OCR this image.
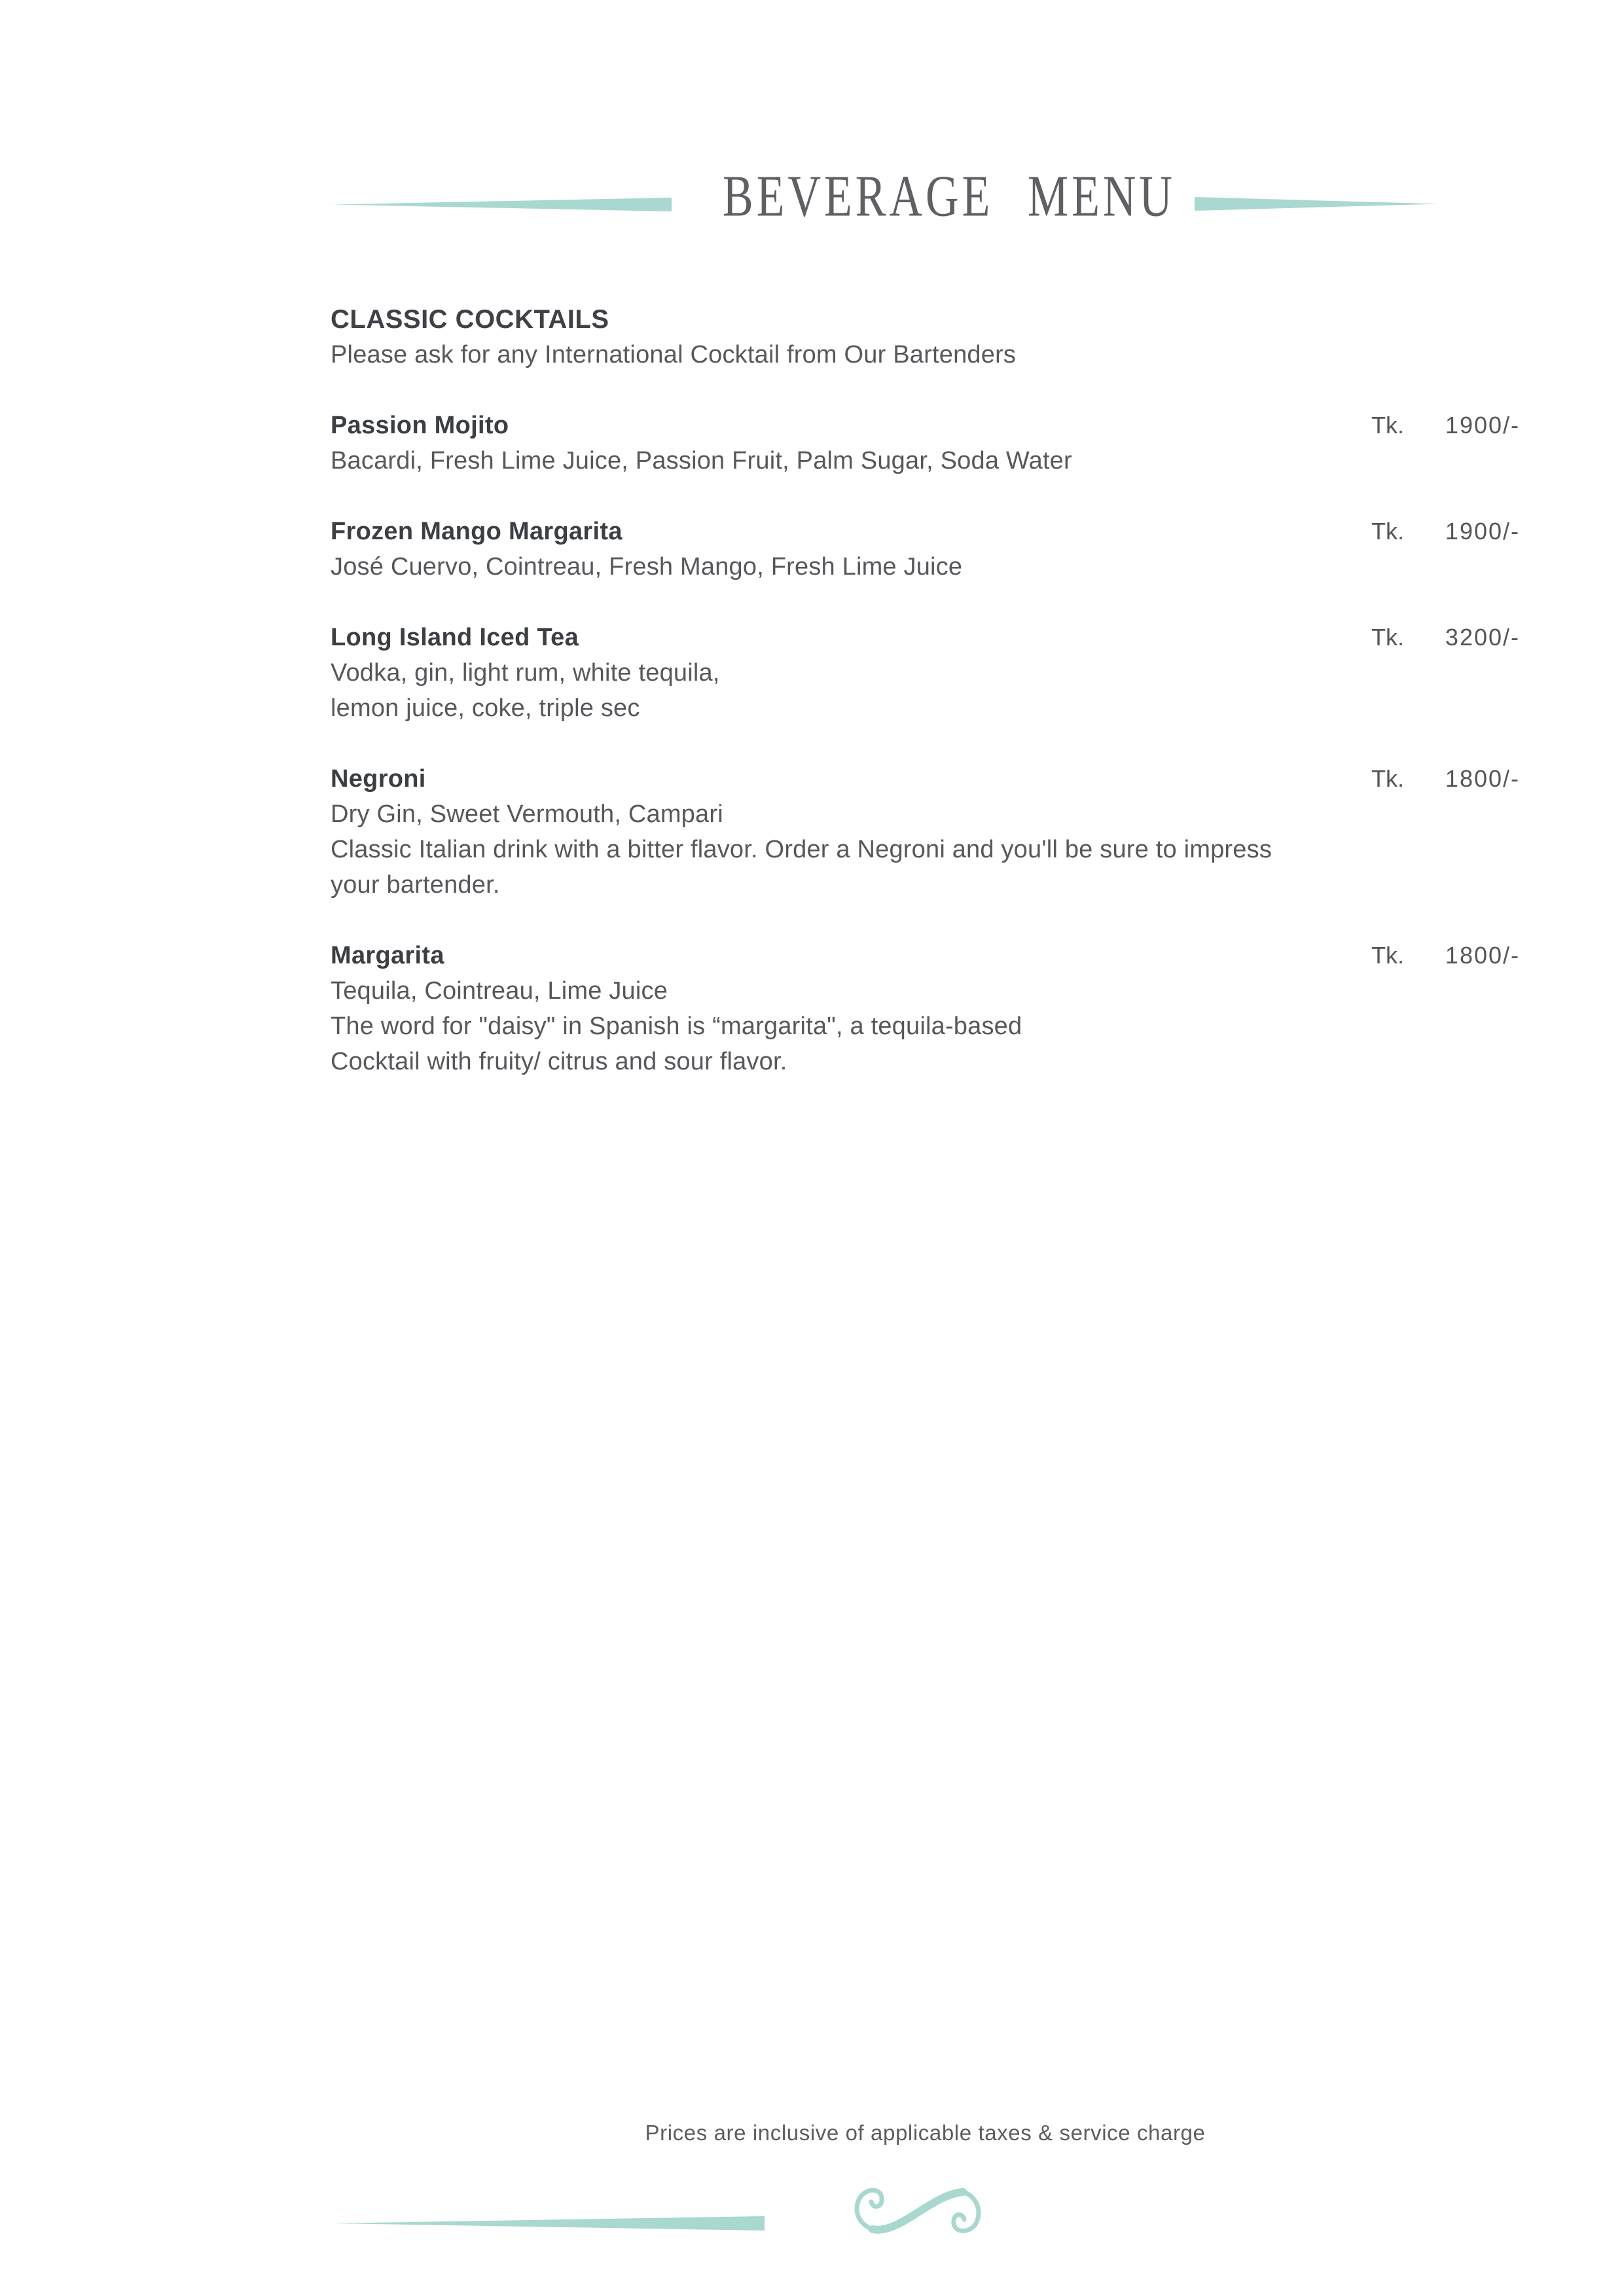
BEVERAGE MENU
CLASSIC COCKTAILS
Please ask for any International Cocktail from Our Bartenders
Passion Mojito	Tk. 1900/-
Bacardi, Fresh Lime Juice, Passion Fruit, Palm Sugar, Soda Water
Frozen Mango Margarita	Tk. 1900/-
José Cuervo, Cointreau, Fresh Mango, Fresh Lime Juice
Long Island Iced Tea	Tk. 3200/-
Vodka, gin, light rum, white tequila,
lemon juice, coke, triple sec
Negroni	Tk. 1800/-
Dry Gin, Sweet Vermouth, Campari
Classic Italian drink with a bitter flavor. Order a Negroni and you'll be sure to impress
your bartender.
Margarita	Tk. 1800/-
Tequila, Cointreau, Lime Juice
The word for "daisy" in Spanish is “margarita", a tequila-based
Cocktail with fruity/ citrus and sour flavor.
Prices are inclusive of applicable taxes & service charge
